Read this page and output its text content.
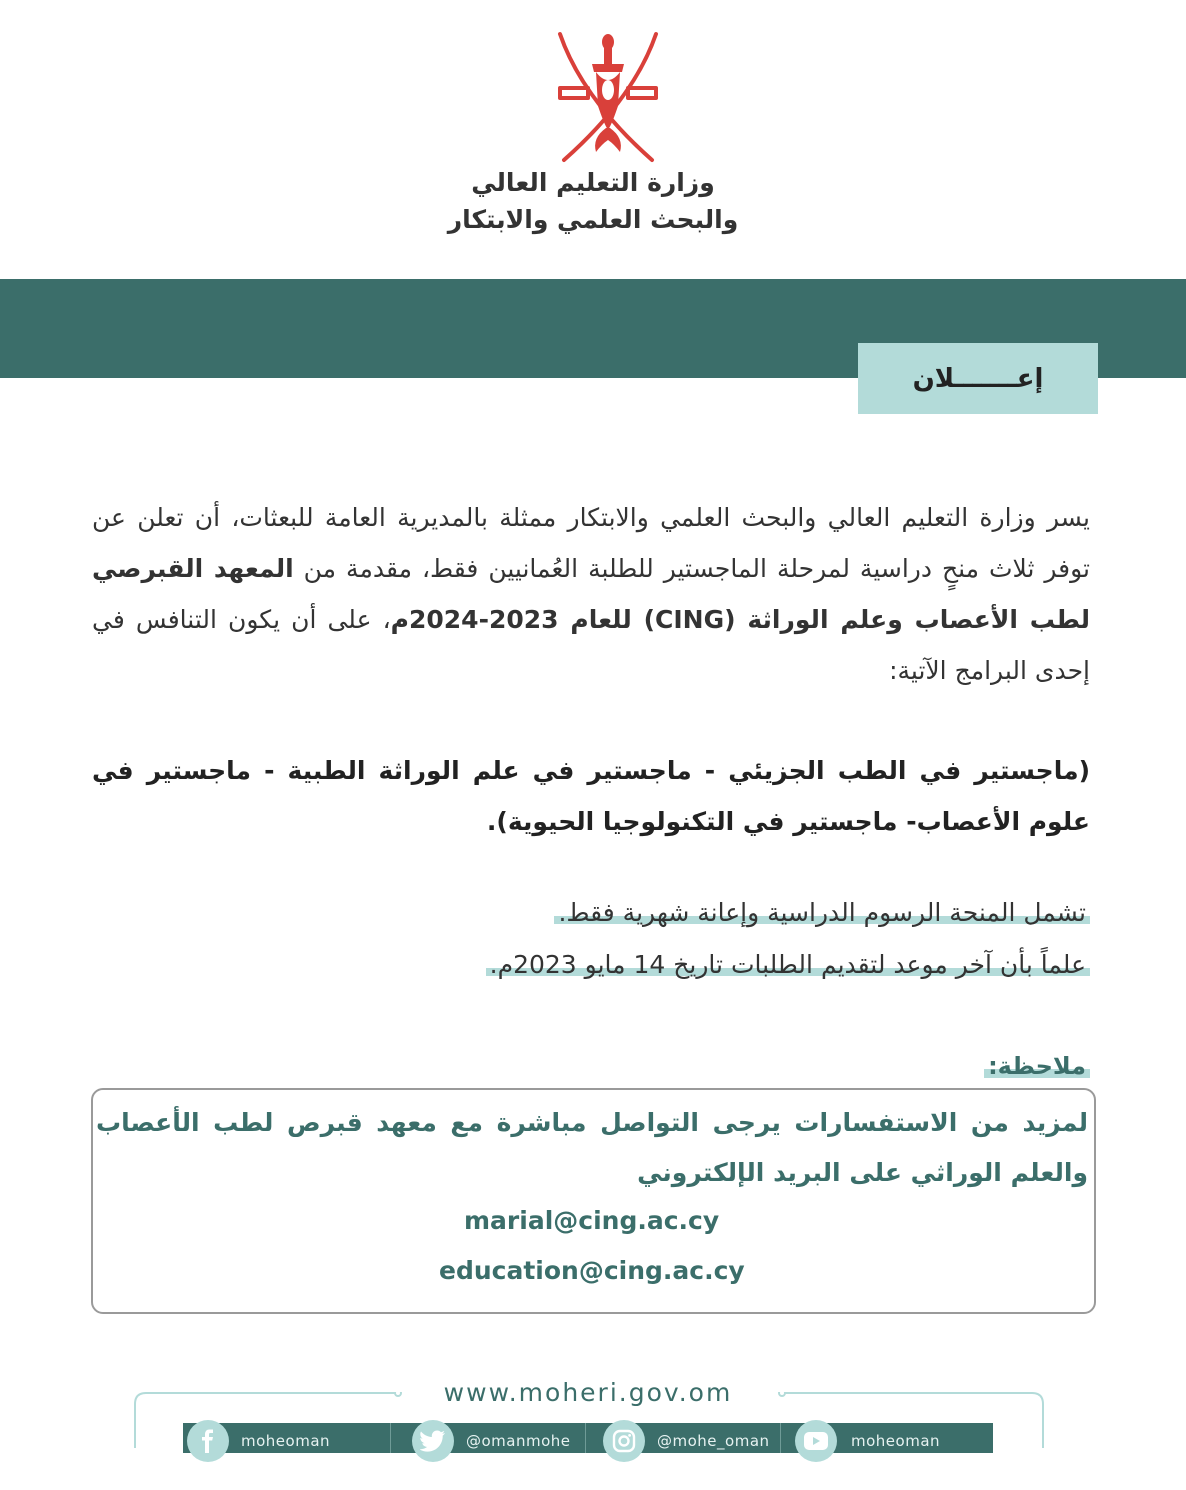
وزارة التعليم العالي
والبحث العلمي والابتكار
إعـــــــلان
يسر وزارة التعليم العالي والبحث العلمي والابتكار ممثلة بالمديرية العامة للبعثات، أن تعلن عن توفر ثلاث منحٍ دراسية لمرحلة الماجستير للطلبة العُمانيين فقط، مقدمة من المعهد القبرصي لطب الأعصاب وعلم الوراثة (CING) للعام 2023-2024م، على أن يكون التنافس في إحدى البرامج الآتية:
(ماجستير في الطب الجزيئي - ماجستير في علم الوراثة الطبية - ماجستير في علوم الأعصاب- ماجستير في التكنولوجيا الحيوية).
تشمل المنحة الرسوم الدراسية وإعانة شهرية فقط.
علماً بأن آخر موعد لتقديم الطلبات تاريخ 14 مايو 2023م.
ملاحظة:
لمزيد من الاستفسارات يرجى التواصل مباشرة مع معهد قبرص لطب الأعصاب والعلم الوراثي على البريد الإلكتروني
marial@cing.ac.cy
education@cing.ac.cy
www.moheri.gov.om
moheoman	@omanmohe	@mohe_oman	moheoman
